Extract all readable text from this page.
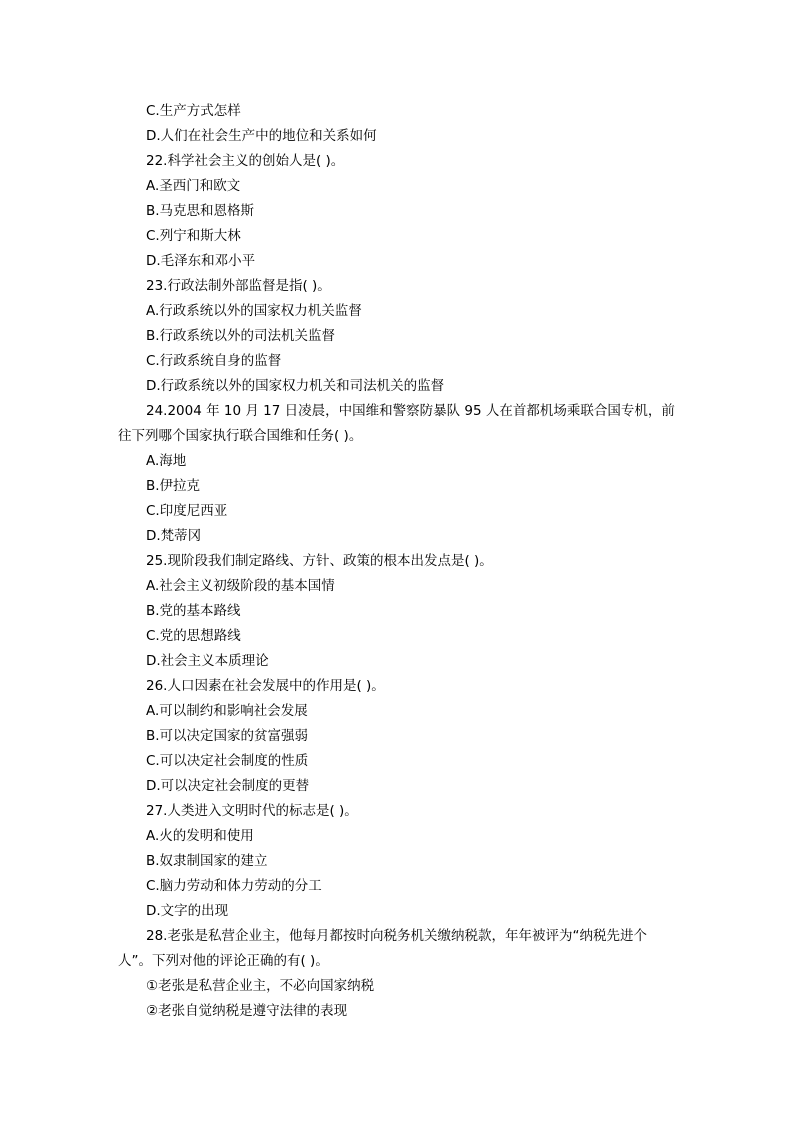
C.生产方式怎样
D.人们在社会生产中的地位和关系如何
22.科学社会主义的创始人是( )。
A.圣西门和欧文
B.马克思和恩格斯
C.列宁和斯大林
D.毛泽东和邓小平
23.行政法制外部监督是指( )。
A.行政系统以外的国家权力机关监督
B.行政系统以外的司法机关监督
C.行政系统自身的监督
D.行政系统以外的国家权力机关和司法机关的监督
24.2004 年 10 月 17 日凌晨，中国维和警察防暴队 95 人在首都机场乘联合国专机，前
往下列哪个国家执行联合国维和任务( )。
A.海地
B.伊拉克
C.印度尼西亚
D.梵蒂冈
25.现阶段我们制定路线、方针、政策的根本出发点是( )。
A.社会主义初级阶段的基本国情
B.党的基本路线
C.党的思想路线
D.社会主义本质理论
26.人口因素在社会发展中的作用是( )。
A.可以制约和影响社会发展
B.可以决定国家的贫富强弱
C.可以决定社会制度的性质
D.可以决定社会制度的更替
27.人类进入文明时代的标志是( )。
A.火的发明和使用
B.奴隶制国家的建立
C.脑力劳动和体力劳动的分工
D.文字的出现
28.老张是私营企业主，他每月都按时向税务机关缴纳税款，年年被评为“纳税先进个
人”。下列对他的评论正确的有( )。
①老张是私营企业主，不必向国家纳税
②老张自觉纳税是遵守法律的表现
